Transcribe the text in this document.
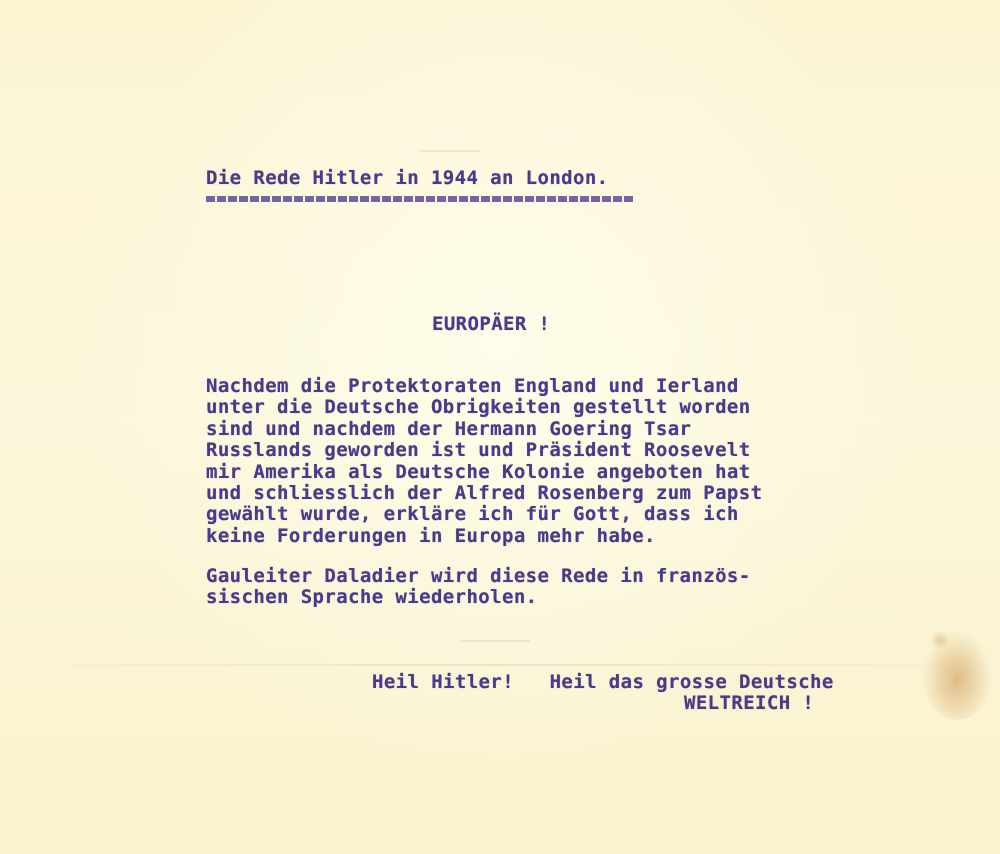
Die Rede Hitler in 1944 an London.

EUROPÄER !

Nachdem die Protektoraten England und Ierland
unter die Deutsche Obrigkeiten gestellt worden
sind und nachdem der Hermann Goering Tsar
Russlands geworden ist und Präsident Roosevelt
mir Amerika als Deutsche Kolonie angeboten hat
und schliesslich der Alfred Rosenberg zum Papst
gewählt wurde, erkläre ich für Gott, dass ich
keine Forderungen in Europa mehr habe.

Gauleiter Daladier wird diese Rede in französ-
sischen Sprache wiederholen.

Heil Hitler!   Heil das grosse Deutsche

WELTREICH !
